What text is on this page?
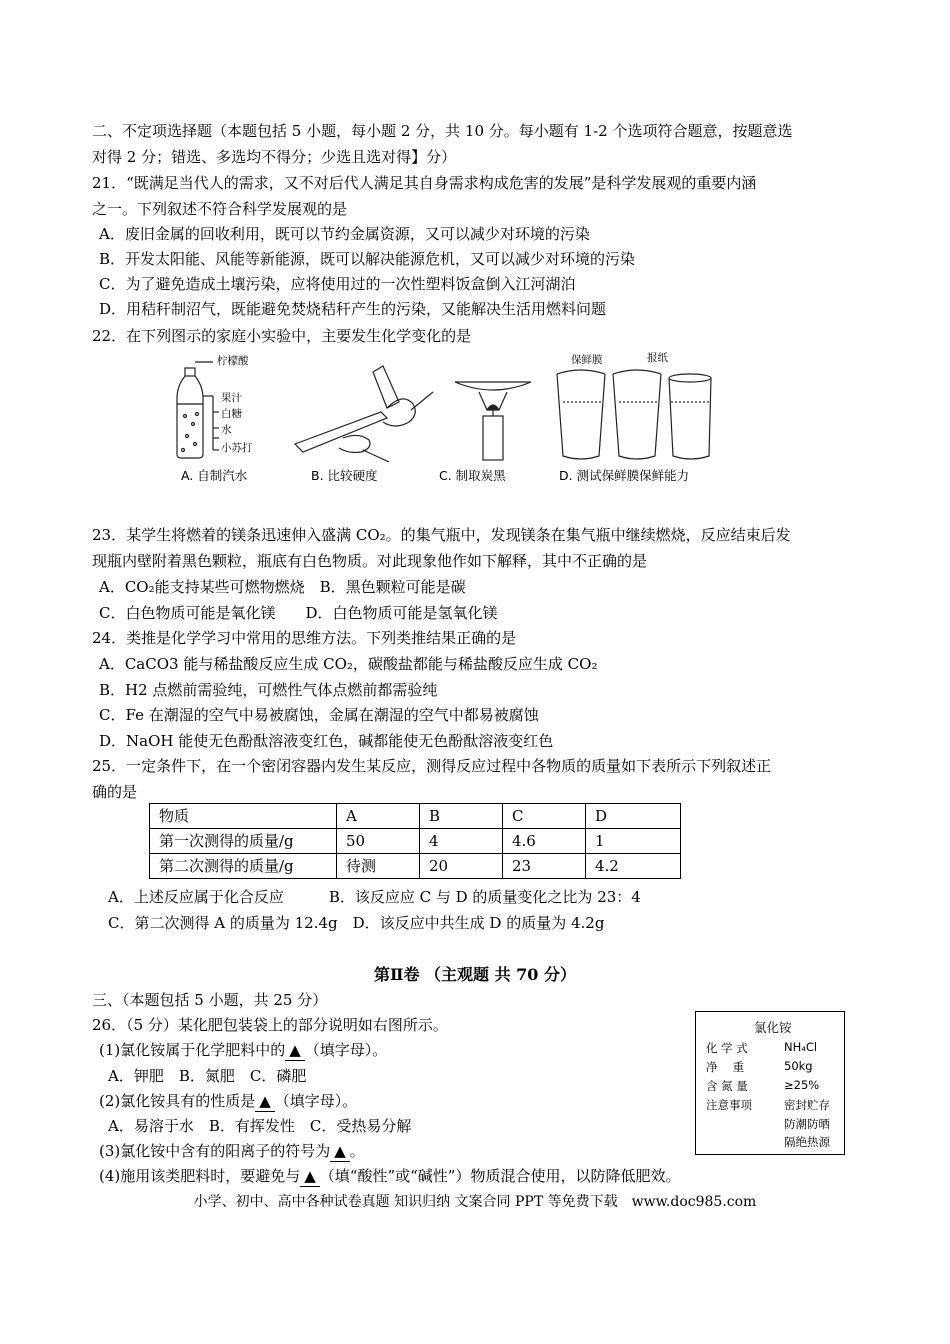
二、不定项选择题（本题包括 5 小题，每小题 2 分，共 10 分。每小题有 1-2 个选项符合题意，按题意选
对得 2 分；错选、多选均不得分；少选且选对得】分）
21．“既满足当代人的需求，又不对后代人满足其自身需求构成危害的发展”是科学发展观的重要内涵
之一。下列叙述不符合科学发展观的是
A．废旧金属的回收利用，既可以节约金属资源，又可以减少对环境的污染
B．开发太阳能、风能等新能源，既可以解决能源危机，又可以减少对环境的污染
C．为了避免造成土壤污染，应将使用过的一次性塑料饭盒倒入江河湖泊
D．用秸秆制沼气，既能避免焚烧秸秆产生的污染，又能解决生活用燃料问题
22．在下列图示的家庭小实验中，主要发生化学变化的是
柠檬酸
果汁
白糖
水
小苏打
保鲜膜	报纸
A. 自制汽水	B. 比较硬度	C. 制取炭黑	D. 测试保鲜膜保鲜能力
23．某学生将燃着的镁条迅速伸入盛满 CO₂。的集气瓶中，发现镁条在集气瓶中继续燃烧，反应结束后发
现瓶内壁附着黑色颗粒，瓶底有白色物质。对此现象他作如下解释，其中不正确的是
A．CO₂能支持某些可燃物燃烧　B．黑色颗粒可能是碳
C．白色物质可能是氧化镁　　D．白色物质可能是氢氧化镁
24．类推是化学学习中常用的思维方法。下列类推结果正确的是
A．CaCO3 能与稀盐酸反应生成 CO₂，碳酸盐都能与稀盐酸反应生成 CO₂
B．H2 点燃前需验纯，可燃性气体点燃前都需验纯
C．Fe 在潮湿的空气中易被腐蚀，金属在潮湿的空气中都易被腐蚀
D．NaOH 能使无色酚酞溶液变红色，碱都能使无色酚酞溶液变红色
25．一定条件下，在一个密闭容器内发生某反应，测得反应过程中各物质的质量如下表所示下列叙述正
确的是
物质	A	B	C	D
第一次测得的质量/g	50	4	4.6	1
第二次测得的质量/g	待测	20	23	4.2
A．上述反应属于化合反应　　　B．该反应应 C 与 D 的质量变化之比为 23：4
C．第二次测得 A 的质量为 12.4g　D．该反应中共生成 D 的质量为 4.2g
第Ⅱ卷 （主观题 共 70 分）
三、（本题包括 5 小题，共 25 分）
26．（5 分）某化肥包装袋上的部分说明如右图所示。
(1)氯化铵属于化学肥料中的 ▲ （填字母）。
A．钾肥　B．氮肥　C．磷肥
(2)氯化铵具有的性质是 ▲ （填字母）。
A．易溶于水　B．有挥发性　C．受热易分解
(3)氯化铵中含有的阳离子的符号为 ▲ 。
(4)施用该类肥料时，要避免与 ▲ （填“酸性”或“碱性”）物质混合使用，以防降低肥效。
氯化铵
化 学 式	NH₄Cl
净　 重	50kg
含 氮 量	≥25%
注意事项	密封贮存
防潮防晒
隔绝热源
小学、初中、高中各种试卷真题 知识归纳 文案合同 PPT 等免费下载　www.doc985.com
